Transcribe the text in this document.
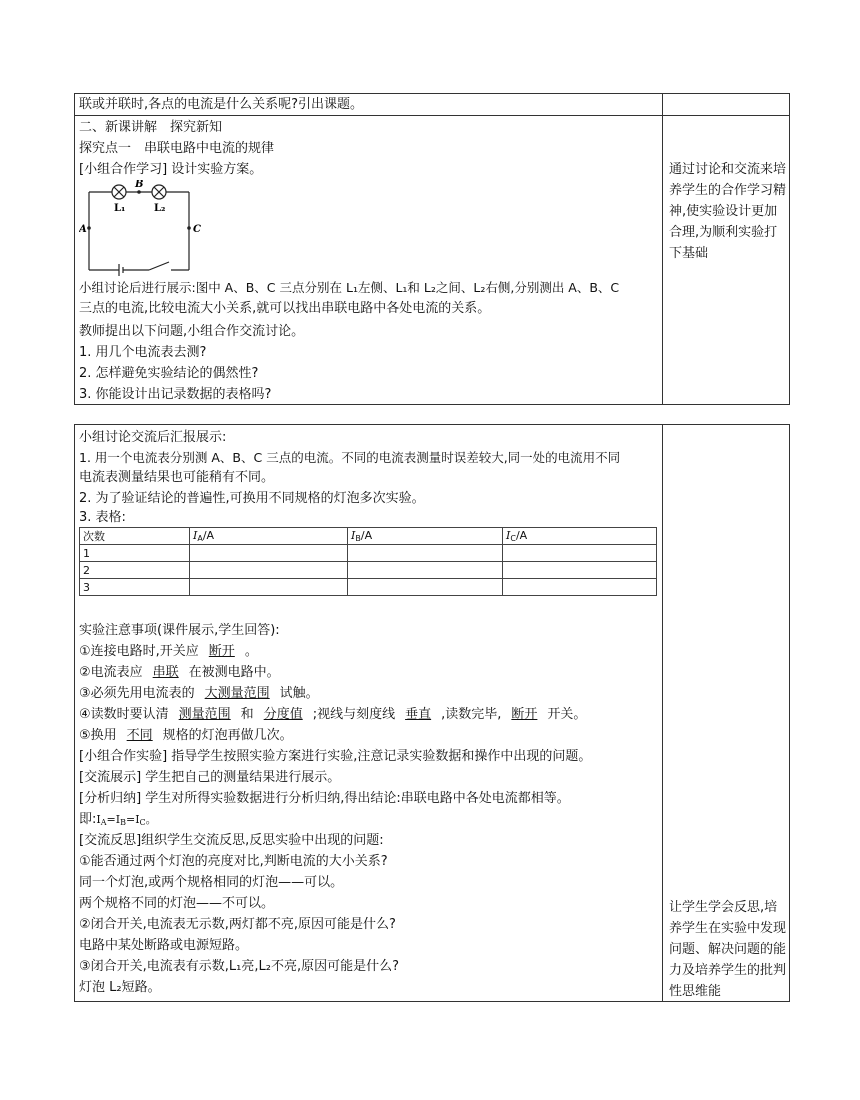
联或并联时,各点的电流是什么关系呢?引出课题。
二、新课讲解　探究新知
探究点一　串联电路中电流的规律
[小组合作学习] 设计实验方案。
A
B
C
L₁	L₂
小组讨论后进行展示:图中 A、B、C 三点分别在 L₁左侧、L₁和 L₂之间、L₂右侧,分别测出 A、B、C
三点的电流,比较电流大小关系,就可以找出串联电路中各处电流的关系。
教师提出以下问题,小组合作交流讨论。
1. 用几个电流表去测?
2. 怎样避免实验结论的偶然性?
3. 你能设计出记录数据的表格吗?
通过讨论和交流来培养学生的合作学习精神,使实验设计更加合理,为顺利实验打下基础
小组讨论交流后汇报展示:
1. 用一个电流表分别测 A、B、C 三点的电流。不同的电流表测量时误差较大,同一处的电流用不同
电流表测量结果也可能稍有不同。
2. 为了验证结论的普遍性,可换用不同规格的灯泡多次实验。
3. 表格:
次数	$I_A/A$	$I_B/A$	$I_C/A$
1			
2			
3			
实验注意事项(课件展示,学生回答):
①连接电路时,开关应 断开 。
②电流表应 串联 在被测电路中。
③必须先用电流表的 大测量范围 试触。
④读数时要认清 测量范围 和 分度值 ;视线与刻度线 垂直 ,读数完毕, 断开 开关。
⑤换用 不同 规格的灯泡再做几次。
[小组合作实验] 指导学生按照实验方案进行实验,注意记录实验数据和操作中出现的问题。
[交流展示] 学生把自己的测量结果进行展示。
[分析归纳] 学生对所得实验数据进行分析归纳,得出结论:串联电路中各处电流都相等。
即$:I_A=I_B=I_C$。
[交流反思]组织学生交流反思,反思实验中出现的问题:
①能否通过两个灯泡的亮度对比,判断电流的大小关系?
同一个灯泡,或两个规格相同的灯泡——可以。
两个规格不同的灯泡——不可以。
②闭合开关,电流表无示数,两灯都不亮,原因可能是什么?
电路中某处断路或电源短路。
③闭合开关,电流表有示数,L₁亮,L₂不亮,原因可能是什么?
灯泡 L₂短路。
让学生学会反思,培养学生在实验中发现问题、解决问题的能力及培养学生的批判性思维能
